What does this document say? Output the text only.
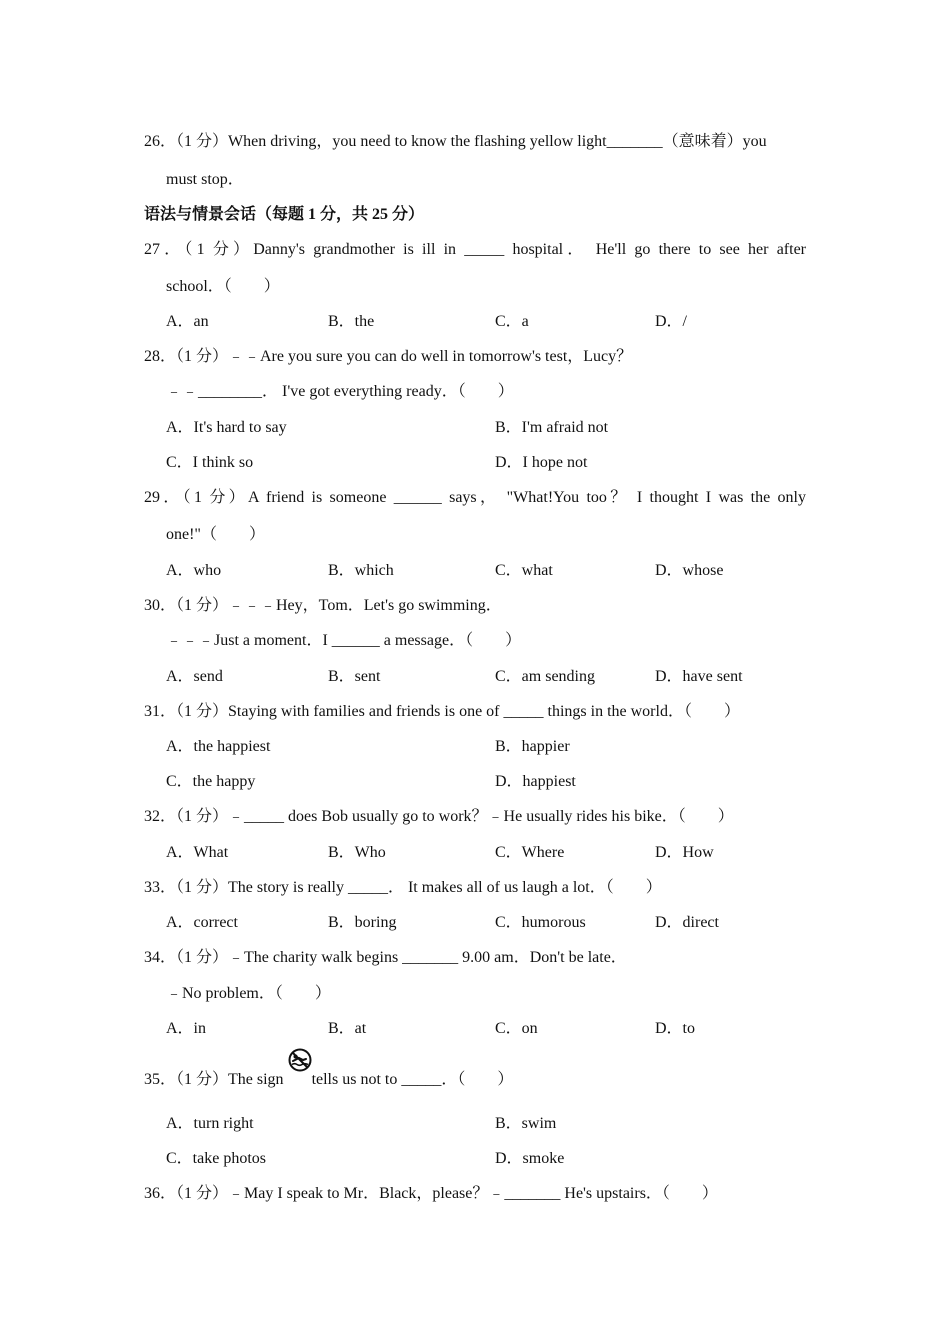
26．（1 分）When driving，you need to know the flashing yellow light_______（意味着）you
must stop．
语法与情景会话（每题 1 分，共 25 分）
27．（1 分）Danny's grandmother is ill in _____ hospital． He'll go there to see her after
school．（　　）
A．an	B．the	C．a	D．/
28．（1 分）﹣﹣Are you sure you can do well in tomorrow's test，Lucy？
﹣﹣________． I've got everything ready．（　　）
A．It's hard to say	B．I'm afraid not
C．I think so	D．I hope not
29．（1 分）A friend is someone ______ says， "What!You too？ I thought I was the only
one!"（　　）
A．who	B．which	C．what	D．whose
30．（1 分）﹣﹣﹣Hey，Tom．Let's go swimming．
﹣﹣﹣Just a moment．I ______ a message．（　　）
A．send	B．sent	C．am sending	D．have sent
31．（1 分）Staying with families and friends is one of _____ things in the world．（　　）
A．the happiest	B．happier
C．the happy	D．happiest
32．（1 分）﹣_____ does Bob usually go to work？﹣He usually rides his bike．（　　）
A．What	B．Who	C．Where	D．How
33．（1 分）The story is really _____． It makes all of us laugh a lot．（　　）
A．correct	B．boring	C．humorous	D．direct
34．（1 分）﹣The charity walk begins _______ 9.00 am．Don't be late．
﹣No problem．（　　）
A．in	B．at	C．on	D．to
35．（1 分）The sign tells us not to _____．（　　）
A．turn right	B．swim
C．take photos	D．smoke
36．（1 分）﹣May I speak to Mr．Black，please？﹣_______ He's upstairs．（　　）
